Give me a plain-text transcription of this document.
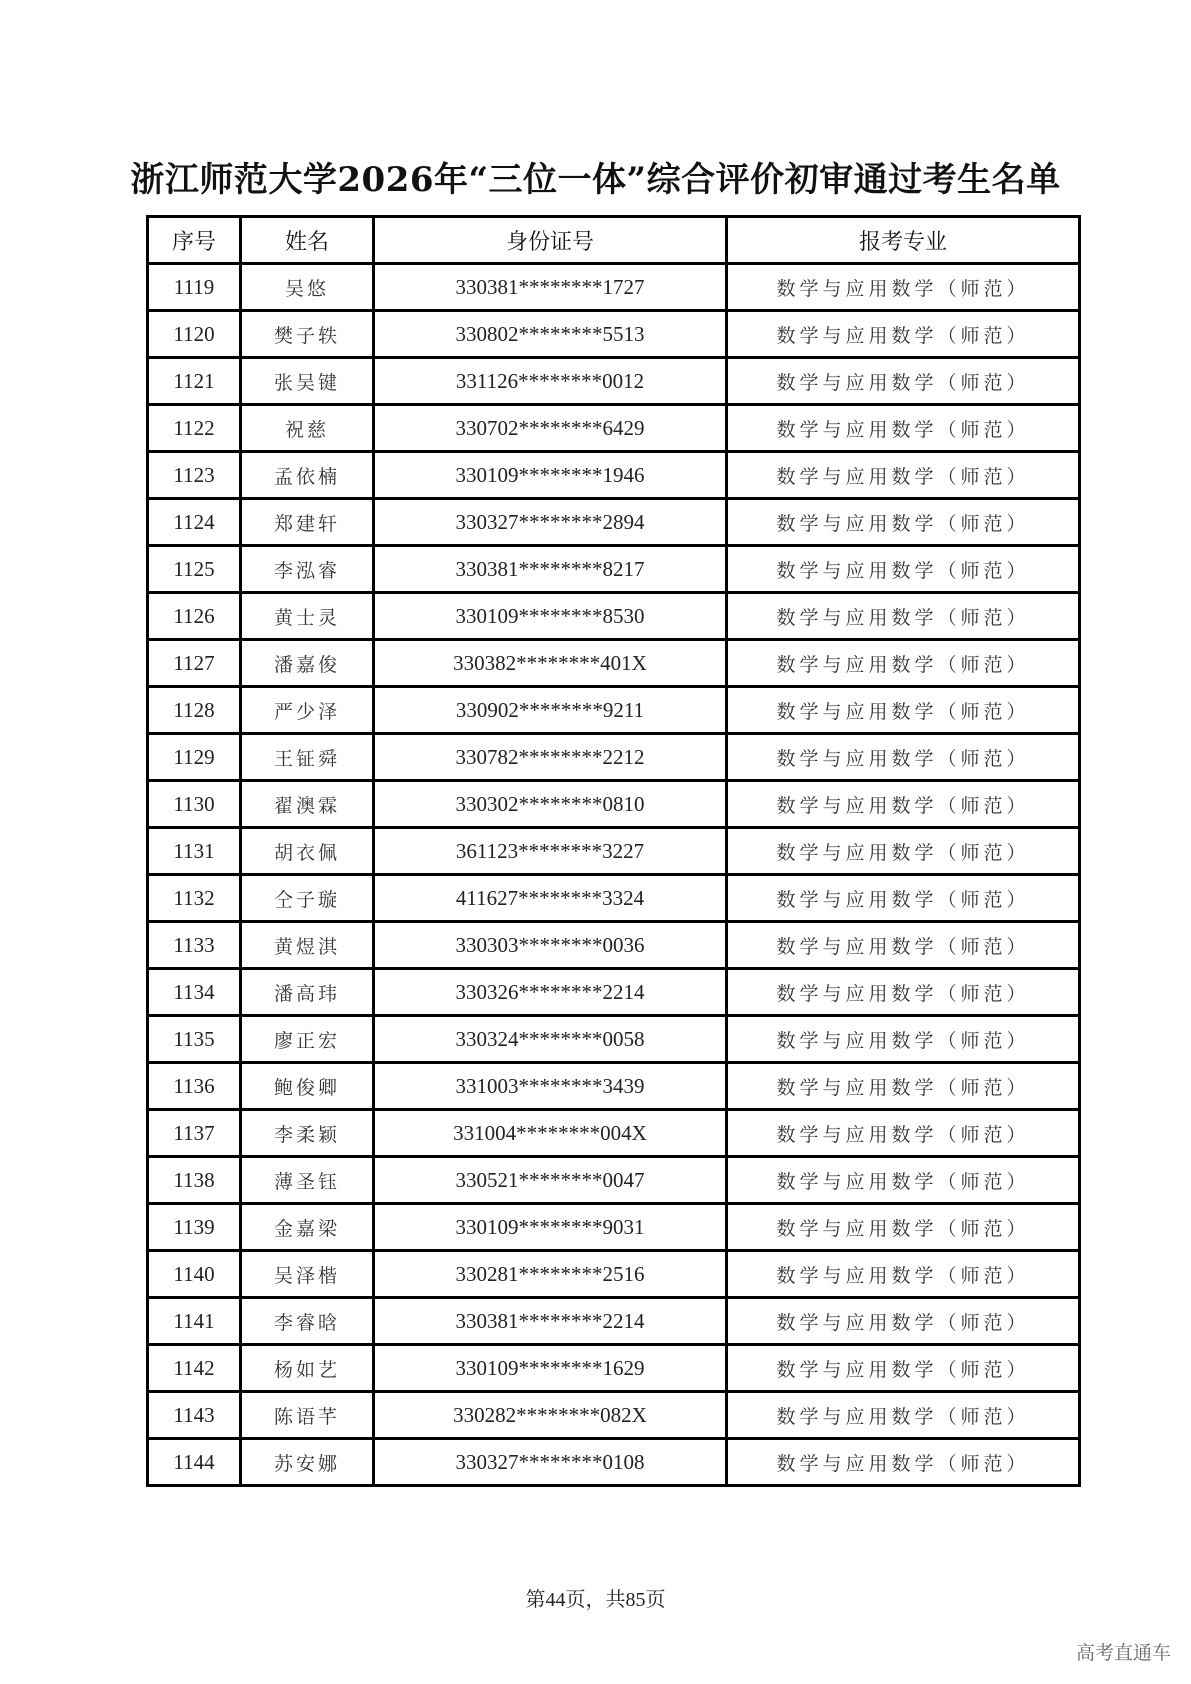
浙江师范大学2026年“三位一体”综合评价初审通过考生名单
序号	姓名	身份证号	报考专业
1119	吴悠	330381********1727	数学与应用数学（师范）
1120	樊子轶	330802********5513	数学与应用数学（师范）
1121	张吴键	331126********0012	数学与应用数学（师范）
1122	祝慈	330702********6429	数学与应用数学（师范）
1123	孟依楠	330109********1946	数学与应用数学（师范）
1124	郑建轩	330327********2894	数学与应用数学（师范）
1125	李泓睿	330381********8217	数学与应用数学（师范）
1126	黄士灵	330109********8530	数学与应用数学（师范）
1127	潘嘉俊	330382********401X	数学与应用数学（师范）
1128	严少泽	330902********9211	数学与应用数学（师范）
1129	王钲舜	330782********2212	数学与应用数学（师范）
1130	翟澳霖	330302********0810	数学与应用数学（师范）
1131	胡衣佩	361123********3227	数学与应用数学（师范）
1132	仝子璇	411627********3324	数学与应用数学（师范）
1133	黄煜淇	330303********0036	数学与应用数学（师范）
1134	潘高玮	330326********2214	数学与应用数学（师范）
1135	廖正宏	330324********0058	数学与应用数学（师范）
1136	鲍俊卿	331003********3439	数学与应用数学（师范）
1137	李柔颖	331004********004X	数学与应用数学（师范）
1138	薄圣钰	330521********0047	数学与应用数学（师范）
1139	金嘉梁	330109********9031	数学与应用数学（师范）
1140	吴泽楷	330281********2516	数学与应用数学（师范）
1141	李睿晗	330381********2214	数学与应用数学（师范）
1142	杨如艺	330109********1629	数学与应用数学（师范）
1143	陈语芊	330282********082X	数学与应用数学（师范）
1144	苏安娜	330327********0108	数学与应用数学（师范）
第44页，共85页
高考直通车
